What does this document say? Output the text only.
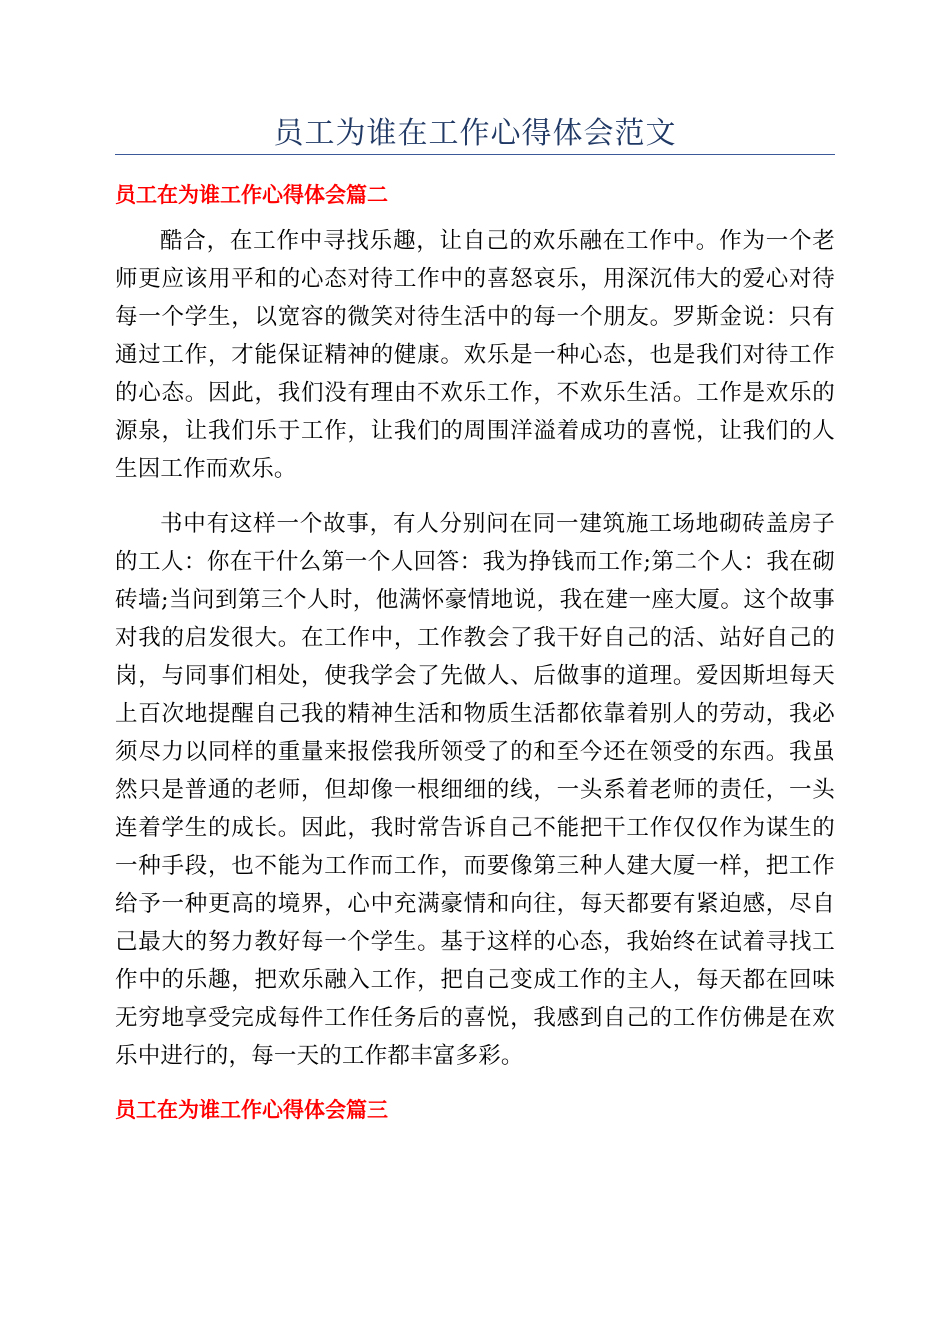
员工为谁在工作心得体会范文
员工在为谁工作心得体会篇二

酷合，在工作中寻找乐趣，让自己的欢乐融在工作中。作为一个老师更应该用平和的心态对待工作中的喜怒哀乐，用深沉伟大的爱心对待每一个学生，以宽容的微笑对待生活中的每一个朋友。罗斯金说：只有通过工作，才能保证精神的健康。欢乐是一种心态，也是我们对待工作的心态。因此，我们没有理由不欢乐工作，不欢乐生活。工作是欢乐的源泉，让我们乐于工作，让我们的周围洋溢着成功的喜悦，让我们的人生因工作而欢乐。

书中有这样一个故事，有人分别问在同一建筑施工场地砌砖盖房子的工人：你在干什么第一个人回答：我为挣钱而工作;第二个人：我在砌砖墙;当问到第三个人时，他满怀豪情地说，我在建一座大厦。这个故事对我的启发很大。在工作中，工作教会了我干好自己的活、站好自己的岗，与同事们相处，使我学会了先做人、后做事的道理。爱因斯坦每天上百次地提醒自己我的精神生活和物质生活都依靠着别人的劳动，我必须尽力以同样的重量来报偿我所领受了的和至今还在领受的东西。我虽然只是普通的老师，但却像一根细细的线，一头系着老师的责任，一头连着学生的成长。因此，我时常告诉自己不能把干工作仅仅作为谋生的一种手段，也不能为工作而工作，而要像第三种人建大厦一样，把工作给予一种更高的境界，心中充满豪情和向往，每天都要有紧迫感，尽自己最大的努力教好每一个学生。基于这样的心态，我始终在试着寻找工作中的乐趣，把欢乐融入工作，把自己变成工作的主人，每天都在回味无穷地享受完成每件工作任务后的喜悦，我感到自己的工作仿佛是在欢乐中进行的，每一天的工作都丰富多彩。

员工在为谁工作心得体会篇三
